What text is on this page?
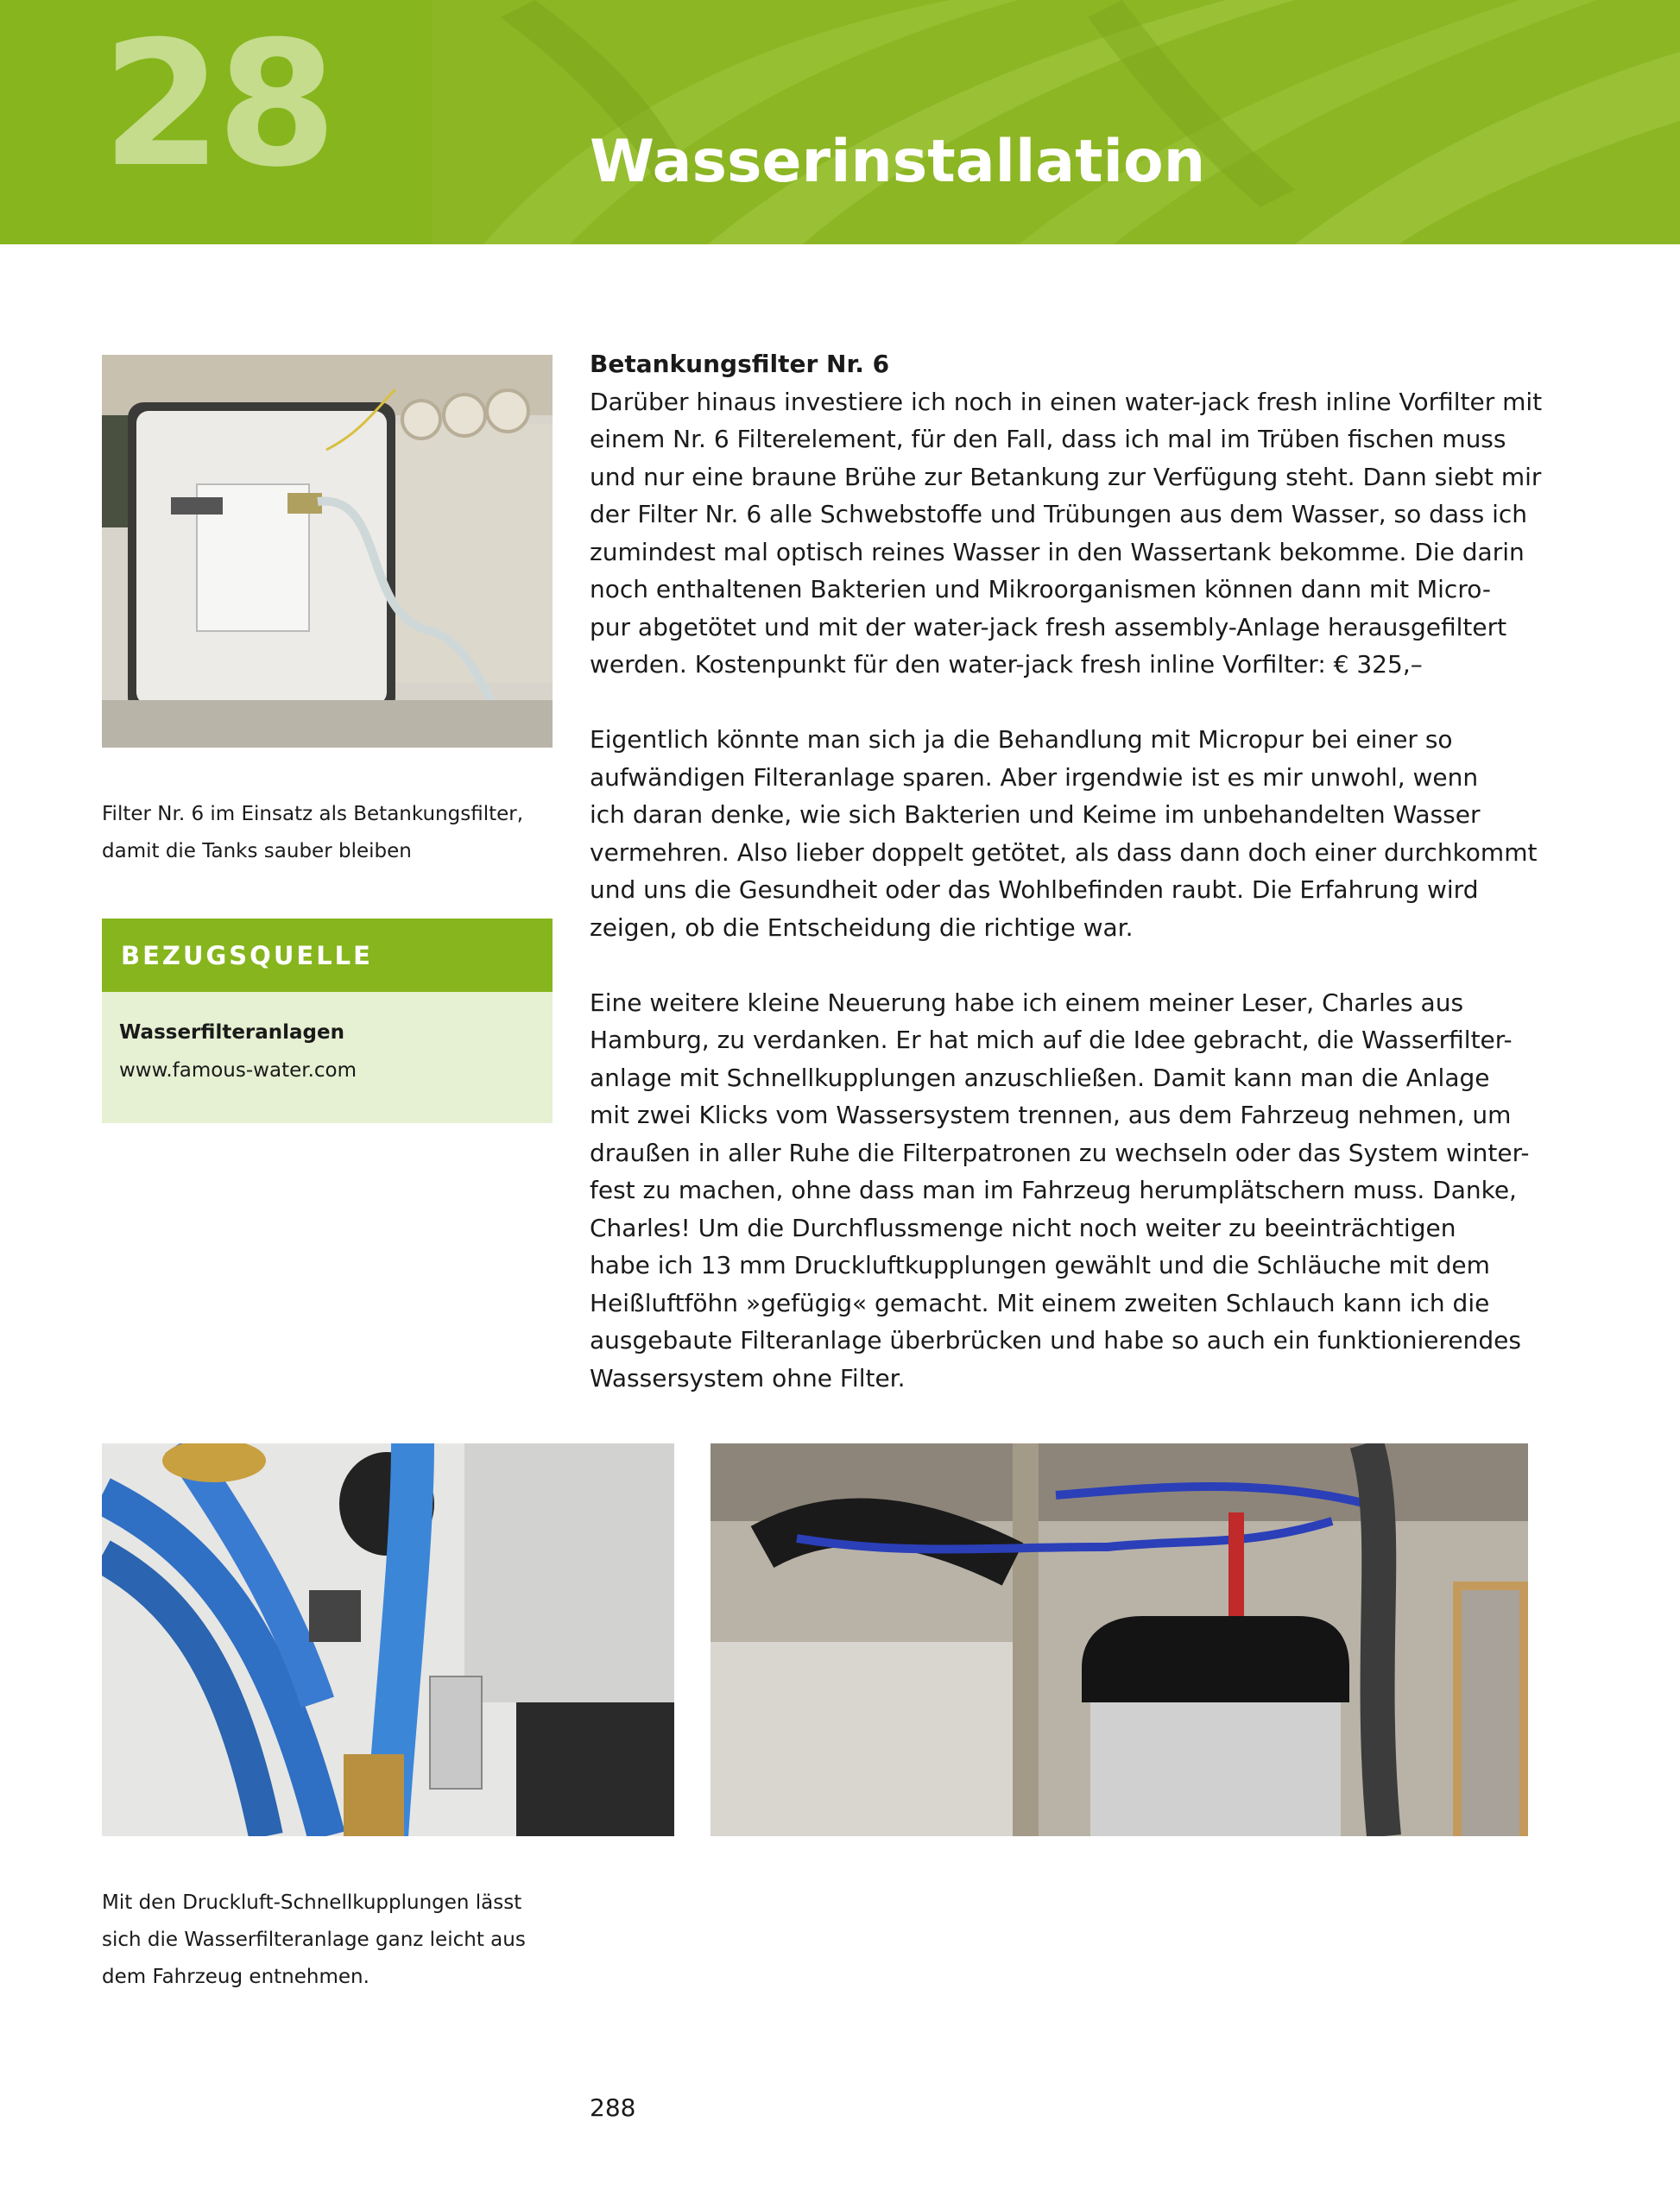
28	Wasserinstallation
Filter Nr. 6 im Einsatz als Betankungsfilter,
damit die Tanks sauber bleiben
BEZUGSQUELLE
Wasserfilteranlagen
www.famous-water.com
Betankungsfilter Nr. 6
Darüber hinaus investiere ich noch in einen water-jack fresh inline Vorfilter mit
einem Nr. 6 Filterelement, für den Fall, dass ich mal im Trüben fischen muss
und nur eine braune Brühe zur Betankung zur Verfügung steht. Dann siebt mir
der Filter Nr. 6 alle Schwebstoffe und Trübungen aus dem Wasser, so dass ich
zumindest mal optisch reines Wasser in den Wassertank bekomme. Die darin
noch enthaltenen Bakterien und Mikroorganismen können dann mit Micro-
pur abgetötet und mit der water-jack fresh assembly-Anlage herausgefiltert
werden. Kostenpunkt für den water-jack fresh inline Vorfilter: € 325,–
Eigentlich könnte man sich ja die Behandlung mit Micropur bei einer so
aufwändigen Filteranlage sparen. Aber irgendwie ist es mir unwohl, wenn
ich daran denke, wie sich Bakterien und Keime im unbehandelten Wasser
vermehren. Also lieber doppelt getötet, als dass dann doch einer durchkommt
und uns die Gesundheit oder das Wohlbefinden raubt. Die Erfahrung wird
zeigen, ob die Entscheidung die richtige war.
Eine weitere kleine Neuerung habe ich einem meiner Leser, Charles aus
Hamburg, zu verdanken. Er hat mich auf die Idee gebracht, die Wasserfilter-
anlage mit Schnellkupplungen anzuschließen. Damit kann man die Anlage
mit zwei Klicks vom Wassersystem trennen, aus dem Fahrzeug nehmen, um
draußen in aller Ruhe die Filterpatronen zu wechseln oder das System winter-
fest zu machen, ohne dass man im Fahrzeug herumplätschern muss. Danke,
Charles! Um die Durchflussmenge nicht noch weiter zu beeinträchtigen
habe ich 13 mm Druckluftkupplungen gewählt und die Schläuche mit dem
Heißluftföhn »gefügig« gemacht. Mit einem zweiten Schlauch kann ich die
ausgebaute Filteranlage überbrücken und habe so auch ein funktionierendes
Wassersystem ohne Filter.
Mit den Druckluft-Schnellkupplungen lässt
sich die Wasserfilteranlage ganz leicht aus
dem Fahrzeug entnehmen.
288
